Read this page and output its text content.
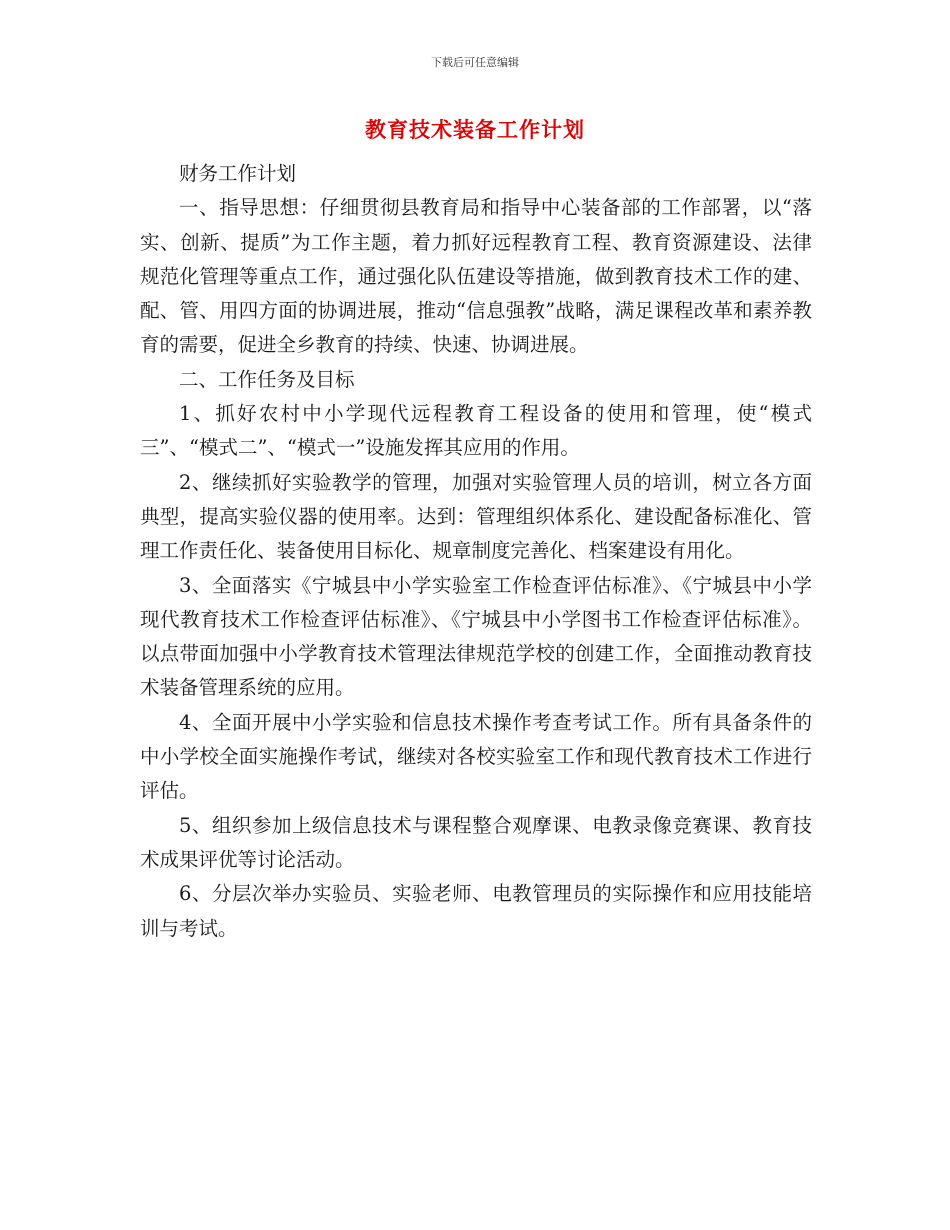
下载后可任意编辑
教育技术装备工作计划

财务工作计划

一、指导思想：仔细贯彻县教育局和指导中心装备部的工作部署，以“落实、创新、提质”为工作主题，着力抓好远程教育工程、教育资源建设、法律规范化管理等重点工作，通过强化队伍建设等措施，做到教育技术工作的建、配、管、用四方面的协调进展，推动“信息强教”战略，满足课程改革和素养教育的需要，促进全乡教育的持续、快速、协调进展。

二、工作任务及目标

1、抓好农村中小学现代远程教育工程设备的使用和管理，使“模式三”、“模式二”、“模式一”设施发挥其应用的作用。

2、继续抓好实验教学的管理，加强对实验管理人员的培训，树立各方面典型，提高实验仪器的使用率。达到：管理组织体系化、建设配备标准化、管理工作责任化、装备使用目标化、规章制度完善化、档案建设有用化。

3、全面落实《宁城县中小学实验室工作检查评估标准》、《宁城县中小学现代教育技术工作检查评估标准》、《宁城县中小学图书工作检查评估标准》。以点带面加强中小学教育技术管理法律规范学校的创建工作，全面推动教育技术装备管理系统的应用。

4、全面开展中小学实验和信息技术操作考查考试工作。所有具备条件的中小学校全面实施操作考试，继续对各校实验室工作和现代教育技术工作进行评估。

5、组织参加上级信息技术与课程整合观摩课、电教录像竞赛课、教育技术成果评优等讨论活动。

6、分层次举办实验员、实验老师、电教管理员的实际操作和应用技能培训与考试。
